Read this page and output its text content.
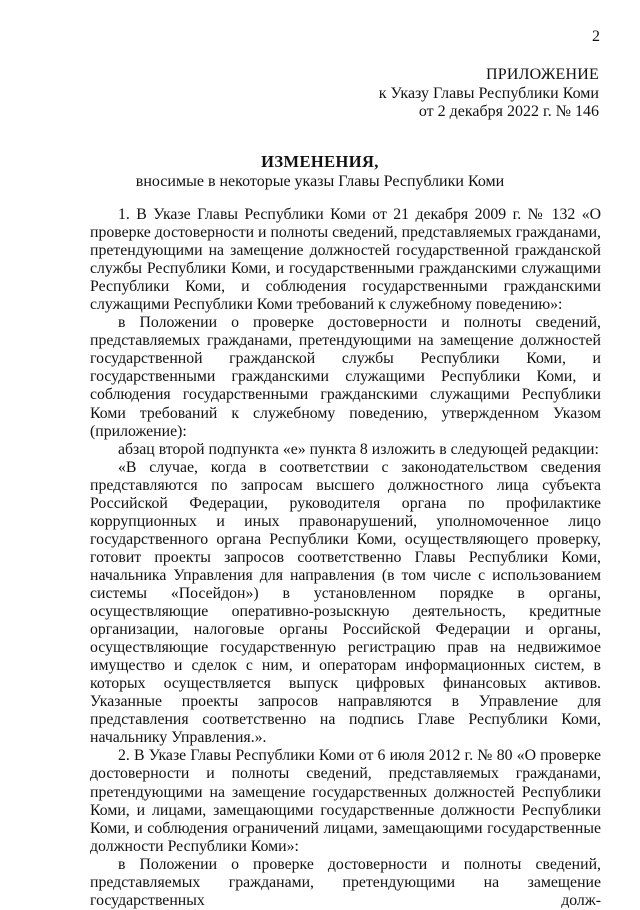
2
ПРИЛОЖЕНИЕ
к Указу Главы Республики Коми
от 2 декабря 2022 г. № 146
ИЗМЕНЕНИЯ,
вносимые в некоторые указы Главы Республики Коми

1. В Указе Главы Республики Коми от 21 декабря 2009 г. № 132 «О проверке достоверности и полноты сведений, представляемых гражданами, претендующими на замещение должностей государственной гражданской службы Республики Коми, и государственными гражданскими служащими Республики Коми, и соблюдения государственными гражданскими служащими Республики Коми требований к служебному поведению»:

в Положении о проверке достоверности и полноты сведений, представляемых гражданами, претендующими на замещение должностей государственной гражданской службы Республики Коми, и государственными гражданскими служащими Республики Коми, и соблюдения государственными гражданскими служащими Республики Коми требований к служебному поведению, утвержденном Указом (приложение):

абзац второй подпункта «е» пункта 8 изложить в следующей редакции:

«В случае, когда в соответствии с законодательством сведения представляются по запросам высшего должностного лица субъекта Российской Федерации, руководителя органа по профилактике коррупционных и иных правонарушений, уполномоченное лицо государственного органа Республики Коми, осуществляющего проверку, готовит проекты запросов соответственно Главы Республики Коми, начальника Управления для направления (в том числе с использованием системы «Посейдон») в установленном порядке в органы, осуществляющие оперативно-розыскную деятельность, кредитные организации, налоговые органы Российской Федерации и органы, осуществляющие государственную регистрацию прав на недвижимое имущество и сделок с ним, и операторам информационных систем, в которых осуществляется выпуск цифровых финансовых активов. Указанные проекты запросов направляются в Управление для представления соответственно на подпись Главе Республики Коми, начальнику Управления.».

2. В Указе Главы Республики Коми от 6 июля 2012 г. № 80 «О проверке достоверности и полноты сведений, представляемых гражданами, претендующими на замещение государственных должностей Республики Коми, и лицами, замещающими государственные должности Республики Коми, и соблюдения ограничений лицами, замещающими государственные должности Республики Коми»:

в Положении о проверке достоверности и полноты сведений, представляемых гражданами, претендующими на замещение государственных долж-
